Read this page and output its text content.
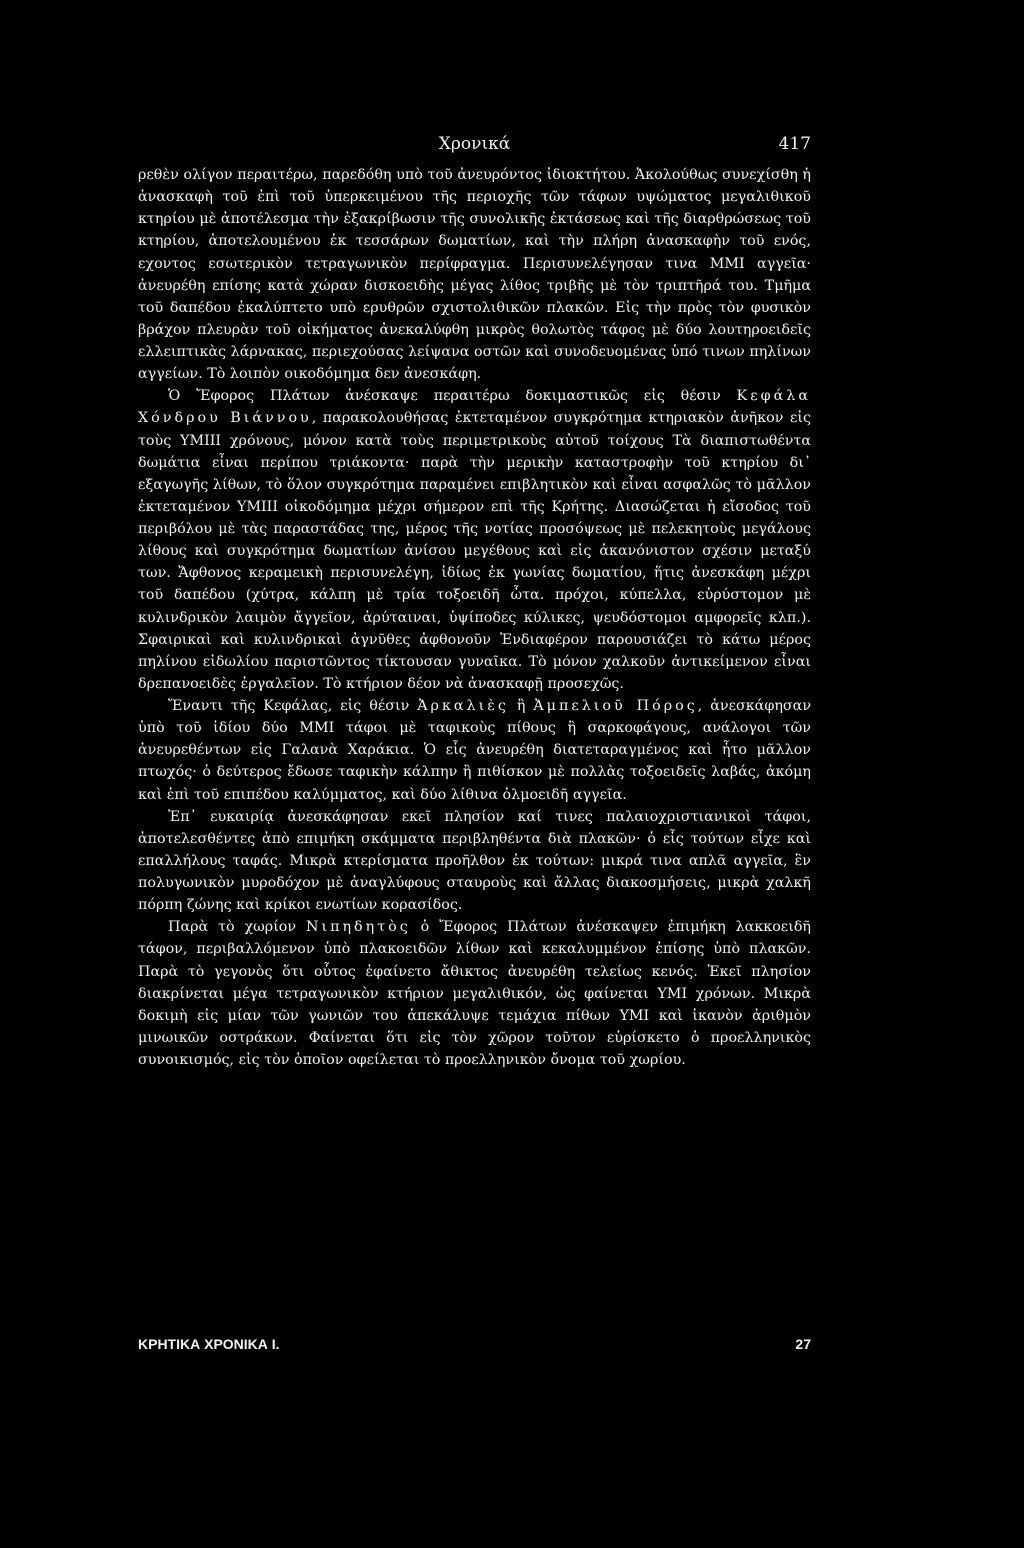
Χρονικά	417

ρεθὲν ολίγον περαιτέρω, παρεδόθη υπὸ τοῦ ἀνευρόντος ἰδιοκτήτου. Ἀκολούθως συνεχίσθη ἡ ἀνασκαφὴ τοῦ ἐπὶ τοῦ ὑπερκειμένου τῆς περιοχῆς τῶν τάφων υψώματος μεγαλιθικοῦ κτηρίου μὲ ἀποτέλεσμα τὴν ἐξακρίβωσιν τῆς συνολικῆς ἐκτάσεως καὶ τῆς διαρθρώσεως τοῦ κτηρίου, ἀποτελουμένου ἐκ τεσσάρων δωματίων, καὶ τὴν πλήρη ἀνασκαφὴν τοῦ ενός, εχοντος εσωτερικὸν τετραγωνικὸν περίφραγμα. Περισυνελέγησαν τινα ΜΜΙ αγγεῖα· ἀνευρέθη επίσης κατὰ χώραν δισκοειδὴς μέγας λίθος τριβῆς μὲ τὸν τριπτῆρά του. Τμῆμα τοῦ δαπέδου ἐκαλύπτετο υπὸ ερυθρῶν σχιστολιθικῶν πλακῶν. Εἰς τὴν πρὸς τὸν φυσικὸν βράχον πλευρὰν τοῦ οἰκήματος ἀνεκαλύφθη μικρὸς θολωτὸς τάφος μὲ δύο λουτηροειδεῖς ελλειπτικὰς λάρνακας, περιεχούσας λείψανα οστῶν καὶ συνοδευομένας ὑπό τινων πηλίνων αγγείων. Τὸ λοιπὸν οικοδόμημα δεν ἀνεσκάφη.

Ὁ Ἔφορος Πλάτων ἀνέσκαψε περαιτέρω δοκιμαστικῶς εἰς θέσιν Κεφάλα Χόνδρου Βιάννου, παρακολουθήσας ἐκτεταμένον συγκρότημα κτηριακὸν ἀνῆκον εἰς τοὺς ΥΜΙΙΙ χρόνους, μόνον κατὰ τοὺς περιμετρικοὺς αὐτοῦ τοίχους Τὰ διαπιστωθέντα δωμάτια εἶναι περίπου τριάκοντα· παρὰ τὴν μερικὴν καταστροφὴν τοῦ κτηρίου δι᾽ εξαγωγῆς λίθων, τὸ ὅλον συγκρότημα παραμένει επιβλητικὸν καὶ εἶναι ασφαλῶς τὸ μᾶλλον ἐκτεταμένον ΥΜΙΙΙ οἰκοδόμημα μέχρι σήμερον επὶ τῆς Κρήτης. Διασώζεται ἡ εἴσοδος τοῦ περιβόλου μὲ τὰς παραστάδας της, μέρος τῆς νοτίας προσόψεως μὲ πελεκητοὺς μεγάλους λίθους καὶ συγκρότημα δωματίων ἀνίσου μεγέθους καὶ εἰς ἀκανόνιστον σχέσιν μεταξύ των. Ἄφθονος κεραμεικὴ περισυνελέγη, ἰδίως ἐκ γωνίας δωματίου, ἥτις ἀνεσκάφη μέχρι τοῦ δαπέδου (χύτρα, κάλπη μὲ τρία τοξοειδῆ ὦτα. πρόχοι, κύπελλα, εὐρύστομον μὲ κυλινδρικὸν λαιμὸν ἄγγεῖον, ἀρύταιναι, ὑψίποδες κύλικες, ψευδόστομοι αμφορεῖς κλπ.). Σφαιρικαὶ καὶ κυλινδρικαὶ ἀγνῦθες ἀφθονοῦν Ἐνδιαφέρον παρουσιάζει τὸ κάτω μέρος πηλίνου εἰδωλίου παριστῶντος τίκτουσαν γυναῖκα. Τὸ μόνον χαλκοῦν ἀντικείμενον εἶναι δρεπανοειδὲς ἐργαλεῖον. Τὸ κτήριον δέον νὰ ἀνασκαφῇ προσεχῶς.

Ἔναντι τῆς Κεφάλας, εἰς θέσιν Ἀρκαλιὲς ἢ Ἀμπελιοῦ Πόρος, ἀνεσκάφησαν ὑπὸ τοῦ ἰδίου δύο ΜΜΙ τάφοι μὲ ταφικοὺς πίθους ἢ σαρκοφάγους, ανάλογοι τῶν ἀνευρεθέντων εἰς Γαλανὰ Χαράκια. Ὁ εἷς ἀνευρέθη διατεταραγμένος καὶ ἦτο μᾶλλον πτωχός· ὁ δεύτερος ἔδωσε ταφικὴν κάλπην ἢ πιθίσκον μὲ πολλὰς τοξοειδεῖς λαβάς, ἀκόμη καὶ ἐπὶ τοῦ επιπέδου καλύμματος, καὶ δύο λίθινα ὀλμοειδῆ αγγεῖα.

Ἐπ᾽ ευκαιρίᾳ ἀνεσκάφησαν εκεῖ πλησίον καί τινες παλαιοχριστιανικοὶ τάφοι, ἀποτελεσθέντες ἀπὸ επιμήκη σκάμματα περιβληθέντα διὰ πλακῶν· ὁ εἷς τούτων εἶχε καὶ επαλλήλους ταφάς. Μικρὰ κτερίσματα προῆλθον ἐκ τούτων: μικρά τινα απλᾶ αγγεῖα, ἓν πολυγωνικὸν μυροδόχον μὲ ἀναγλύφους σταυροὺς καὶ ἄλλας διακοσμήσεις, μικρὰ χαλκῆ πόρπη ζώνης καὶ κρίκοι ενωτίων κορασίδος.

Παρὰ τὸ χωρίον Νιπηδητὸς ὁ Ἔφορος Πλάτων ἀνέσκαψεν ἐπιμήκη λακκοειδῆ τάφον, περιβαλλόμενον ὑπὸ πλακοειδῶν λίθων καὶ κεκαλυμμένον ἐπίσης ὑπὸ πλακῶν. Παρὰ τὸ γεγονὸς ὅτι οὗτος ἐφαίνετο ἄθικτος ἀνευρέθη τελείως κενός. Ἐκεῖ πλησίον διακρίνεται μέγα τετραγωνικὸν κτήριον μεγαλιθικόν, ὡς φαίνεται ΥΜΙ χρόνων. Μικρὰ δοκιμὴ εἰς μίαν τῶν γωνιῶν του ἀπεκάλυψε τεμάχια πίθων ΥΜΙ καὶ ἱκανὸν ἀριθμὸν μινωικῶν οστράκων. Φαίνεται ὅτι εἰς τὸν χῶρον τοῦτον εὑρίσκετο ὁ προελληνικὸς συνοικισμός, εἰς τὸν ὁποῖον οφείλεται τὸ προελληνικὸν ὄνομα τοῦ χωρίου.

ΚΡΗΤΙΚΑ ΧΡΟΝΙΚΑ Ι.	27
